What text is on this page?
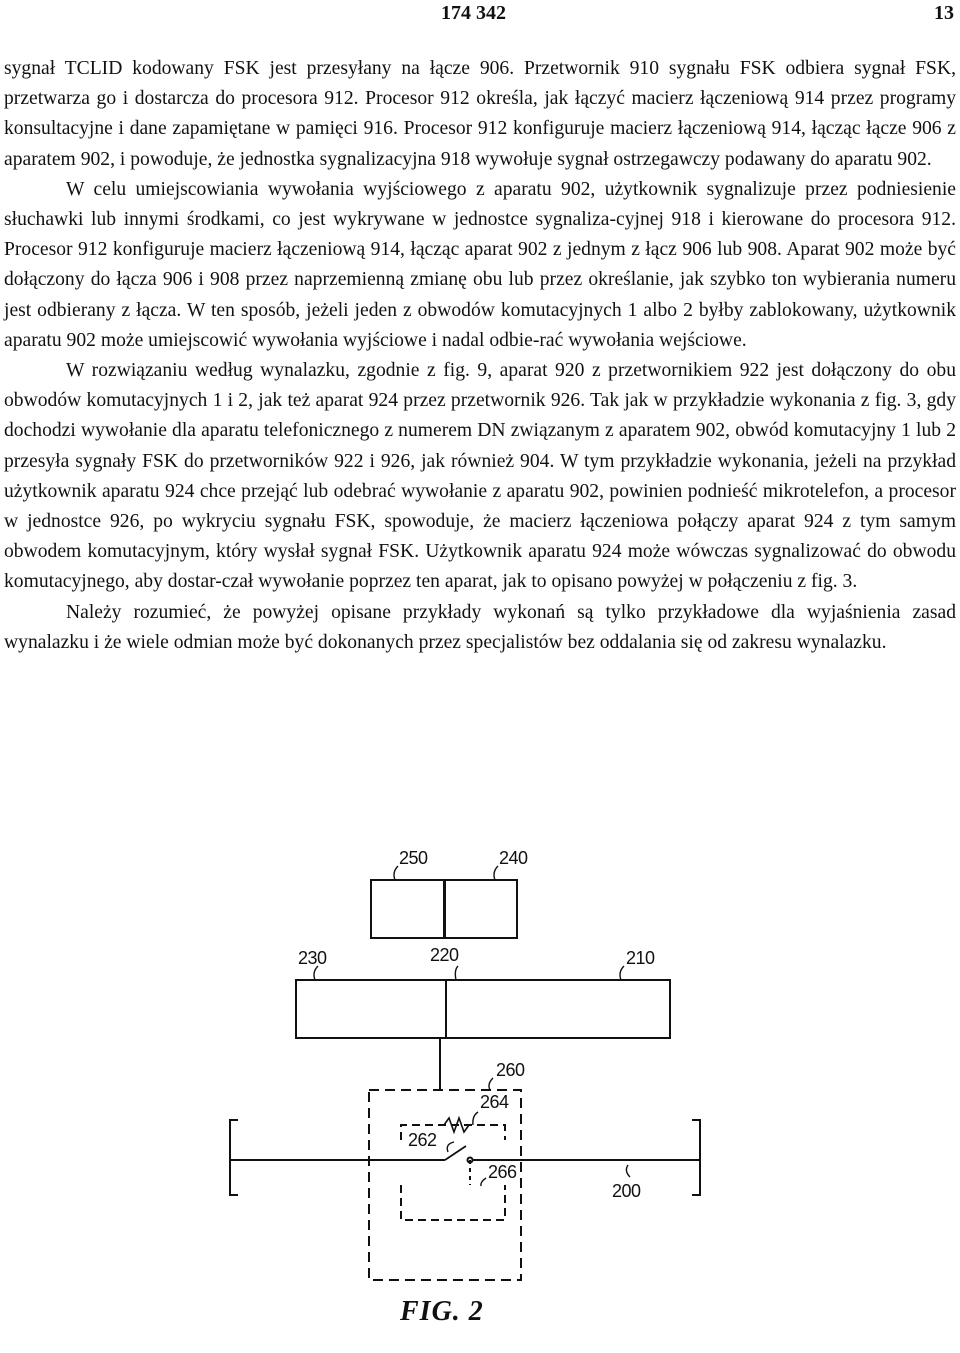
174 342	13

sygnał TCLID kodowany FSK jest przesyłany na łącze 906. Przetwornik 910 sygnału FSK odbiera sygnał FSK, przetwarza go i dostarcza do procesora 912. Procesor 912 określa, jak łączyć macierz łączeniową 914 przez programy konsultacyjne i dane zapamiętane w pamięci 916. Procesor 912 konfiguruje macierz łączeniową 914, łącząc łącze 906 z aparatem 902, i powoduje, że jednostka sygnalizacyjna 918 wywołuje sygnał ostrzegawczy podawany do aparatu 902.

W celu umiejscowiania wywołania wyjściowego z aparatu 902, użytkownik sygnalizuje przez podniesienie słuchawki lub innymi środkami, co jest wykrywane w jednostce sygnaliza-cyjnej 918 i kierowane do procesora 912. Procesor 912 konfiguruje macierz łączeniową 914, łącząc aparat 902 z jednym z łącz 906 lub 908. Aparat 902 może być dołączony do łącza 906 i 908 przez naprzemienną zmianę obu lub przez określanie, jak szybko ton wybierania numeru jest odbierany z łącza. W ten sposób, jeżeli jeden z obwodów komutacyjnych 1 albo 2 byłby zablokowany, użytkownik aparatu 902 może umiejscowić wywołania wyjściowe i nadal odbie-rać wywołania wejściowe.

W rozwiązaniu według wynalazku, zgodnie z fig. 9, aparat 920 z przetwornikiem 922 jest dołączony do obu obwodów komutacyjnych 1 i 2, jak też aparat 924 przez przetwornik 926. Tak jak w przykładzie wykonania z fig. 3, gdy dochodzi wywołanie dla aparatu telefonicznego z numerem DN związanym z aparatem 902, obwód komutacyjny 1 lub 2 przesyła sygnały FSK do przetworników 922 i 926, jak również 904. W tym przykładzie wykonania, jeżeli na przykład użytkownik aparatu 924 chce przejąć lub odebrać wywołanie z aparatu 902, powinien podnieść mikrotelefon, a procesor w jednostce 926, po wykryciu sygnału FSK, spowoduje, że macierz łączeniowa połączy aparat 924 z tym samym obwodem komutacyjnym, który wysłał sygnał FSK. Użytkownik aparatu 924 może wówczas sygnalizować do obwodu komutacyjnego, aby dostar-czał wywołanie poprzez ten aparat, jak to opisano powyżej w połączeniu z fig. 3.

Należy rozumieć, że powyżej opisane przykłady wykonań są tylko przykładowe dla wyjaśnienia zasad wynalazku i że wiele odmian może być dokonanych przez specjalistów bez oddalania się od zakresu wynalazku.

250	240
220
230	210
260
264
262
266
200
FIG. 2
